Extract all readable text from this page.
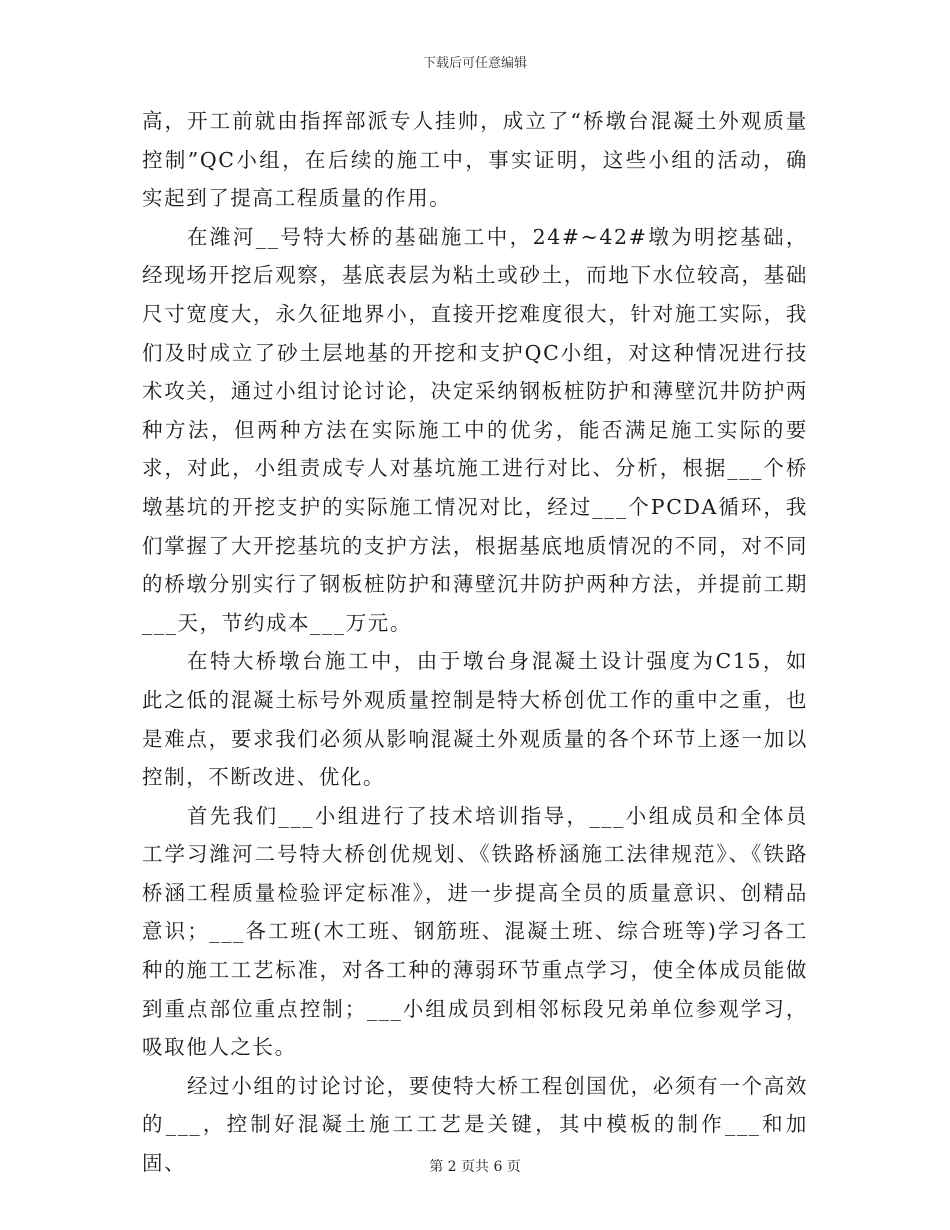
下载后可任意编辑

高，开工前就由指挥部派专人挂帅，成立了“桥墩台混凝土外观质量控制”QC小组，在后续的施工中，事实证明，这些小组的活动，确实起到了提高工程质量的作用。

在潍河__号特大桥的基础施工中，24#~42#墩为明挖基础，经现场开挖后观察，基底表层为粘土或砂土，而地下水位较高，基础尺寸宽度大，永久征地界小，直接开挖难度很大，针对施工实际，我们及时成立了砂土层地基的开挖和支护QC小组，对这种情况进行技术攻关，通过小组讨论讨论，决定采纳钢板桩防护和薄壁沉井防护两种方法，但两种方法在实际施工中的优劣，能否满足施工实际的要求，对此，小组责成专人对基坑施工进行对比、分析，根据___个桥墩基坑的开挖支护的实际施工情况对比，经过___个PCDA循环，我们掌握了大开挖基坑的支护方法，根据基底地质情况的不同，对不同的桥墩分别实行了钢板桩防护和薄壁沉井防护两种方法，并提前工期___天，节约成本___万元。

在特大桥墩台施工中，由于墩台身混凝土设计强度为C15，如此之低的混凝土标号外观质量控制是特大桥创优工作的重中之重，也是难点，要求我们必须从影响混凝土外观质量的各个环节上逐一加以控制，不断改进、优化。

首先我们___小组进行了技术培训指导，___小组成员和全体员工学习潍河二号特大桥创优规划、《铁路桥涵施工法律规范》、《铁路桥涵工程质量检验评定标准》，进一步提高全员的质量意识、创精品意识；___各工班(木工班、钢筋班、混凝土班、综合班等)学习各工种的施工工艺标准，对各工种的薄弱环节重点学习，使全体成员能做到重点部位重点控制；___小组成员到相邻标段兄弟单位参观学习，吸取他人之长。

经过小组的讨论讨论，要使特大桥工程创国优，必须有一个高效的___，控制好混凝土施工工艺是关键，其中模板的制作___和加固、	第 2 页共 6 页
